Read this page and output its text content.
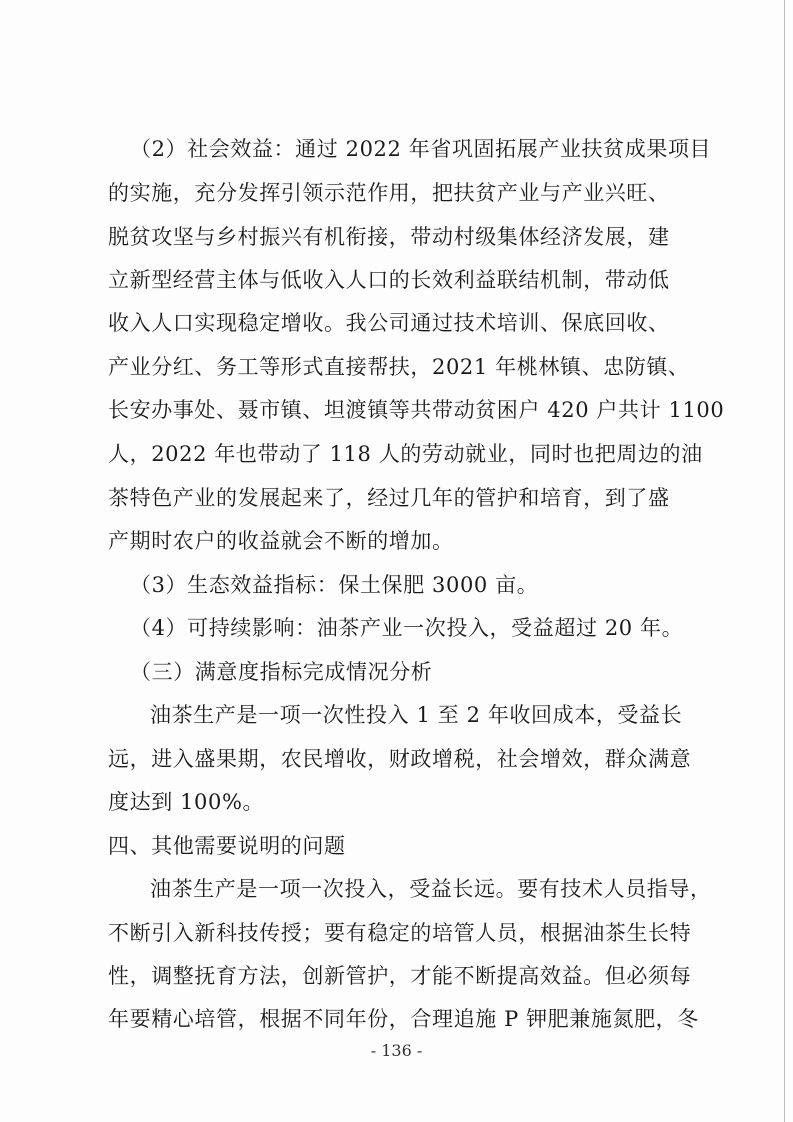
（2）社会效益：通过 2022 年省巩固拓展产业扶贫成果项目
的实施，充分发挥引领示范作用，把扶贫产业与产业兴旺、
脱贫攻坚与乡村振兴有机衔接，带动村级集体经济发展，建
立新型经营主体与低收入人口的长效利益联结机制，带动低
收入人口实现稳定增收。我公司通过技术培训、保底回收、
产业分红、务工等形式直接帮扶，2021 年桃林镇、忠防镇、
长安办事处、聂市镇、坦渡镇等共带动贫困户 420 户共计 1100
人，2022 年也带动了 118 人的劳动就业，同时也把周边的油
茶特色产业的发展起来了，经过几年的管护和培育，到了盛
产期时农户的收益就会不断的增加。
（3）生态效益指标：保土保肥 3000 亩。
（4）可持续影响：油茶产业一次投入，受益超过 20 年。
（三）满意度指标完成情况分析
油茶生产是一项一次性投入 1 至 2 年收回成本，受益长
远，进入盛果期，农民增收，财政增税，社会增效，群众满意
度达到 100%。
四、其他需要说明的问题
油茶生产是一项一次投入，受益长远。要有技术人员指导，
不断引入新科技传授；要有稳定的培管人员，根据油茶生长特
性，调整抚育方法，创新管护，才能不断提高效益。但必须每
年要精心培管，根据不同年份，合理追施 P 钾肥兼施氮肥，冬
- 136 -
